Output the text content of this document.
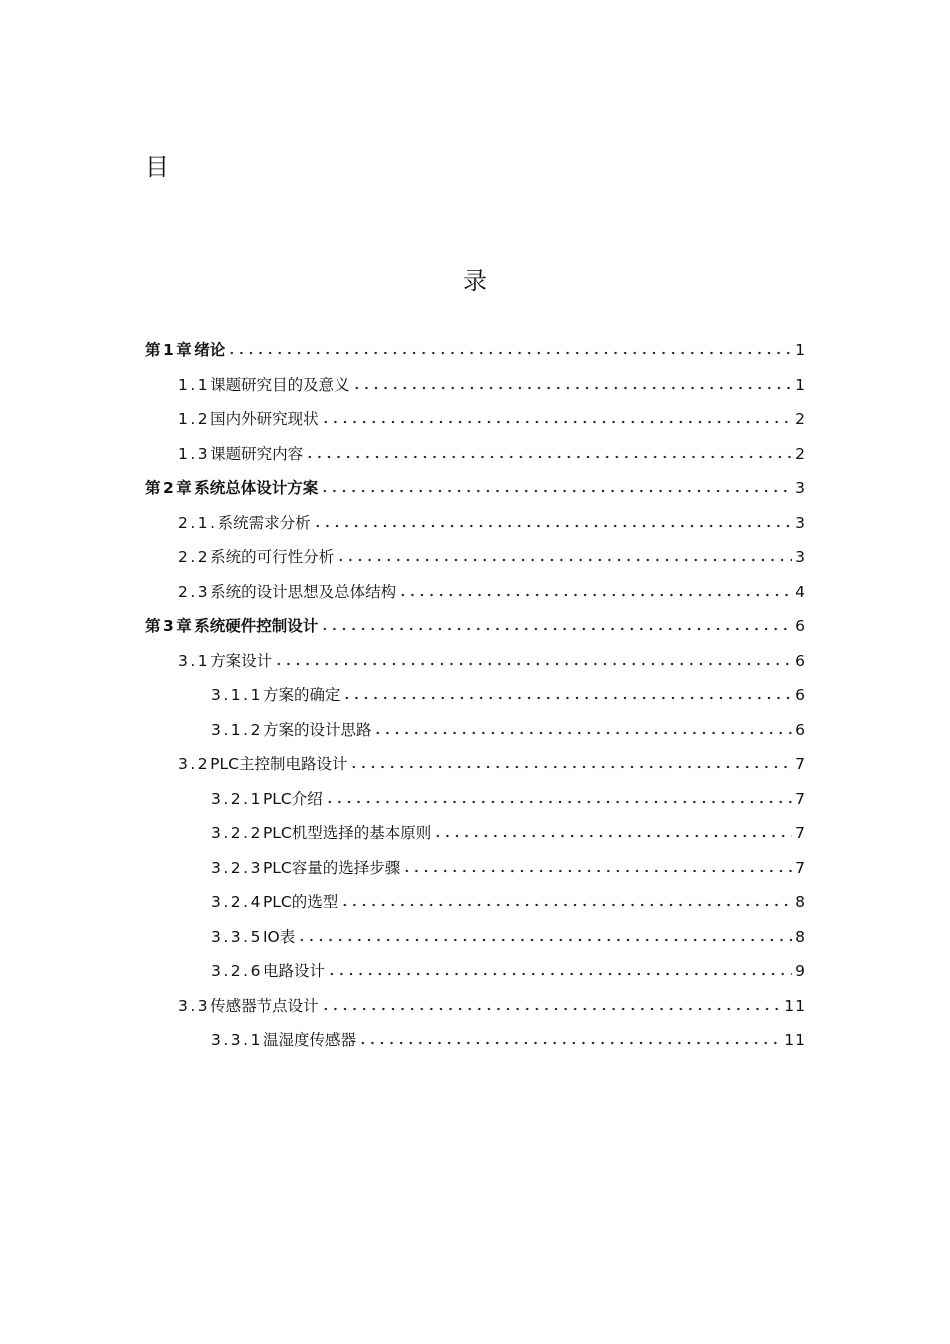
目
录
第1章 绪论	1
1.1 课题研究目的及意义	1
1.2 国内外研究现状	2
1.3 课题研究内容	2
第2章 系统总体设计方案	3
2.1. 系统需求分析	3
2.2 系统的可行性分析	3
2.3 系统的设计思想及总体结构	4
第3章 系统硬件控制设计	6
3.1 方案设计	6
3.1.1 方案的确定	6
3.1.2 方案的设计思路	6
3.2 PLC主控制电路设计	7
3.2.1 PLC介绍	7
3.2.2 PLC机型选择的基本原则	7
3.2.3 PLC容量的选择步骤	7
3.2.4 PLC的选型	8
3.3.5 IO表	8
3.2.6 电路设计	9
3.3 传感器节点设计	11
3.3.1 温湿度传感器	11
